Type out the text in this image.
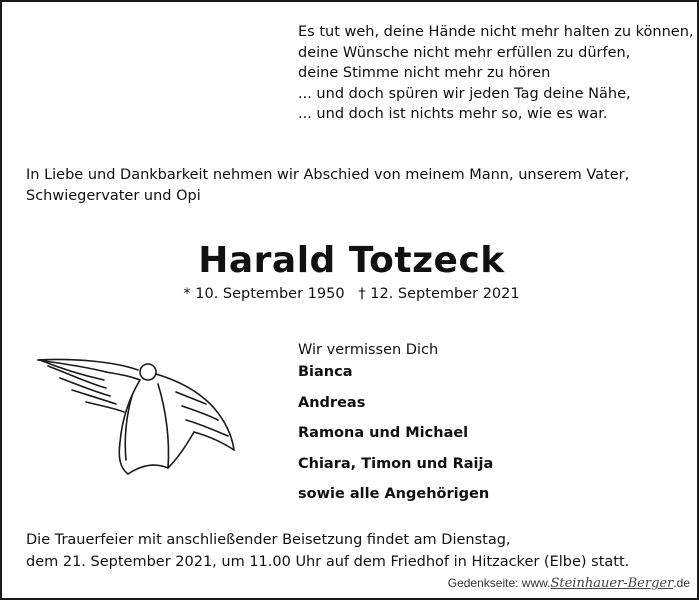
Es tut weh, deine Hände nicht mehr halten zu können,
deine Wünsche nicht mehr erfüllen zu dürfen,
deine Stimme nicht mehr zu hören
... und doch spüren wir jeden Tag deine Nähe,
... und doch ist nichts mehr so, wie es war.
In Liebe und Dankbarkeit nehmen wir Abschied von meinem Mann, unserem Vater,
Schwiegervater und Opi
Harald Totzeck
* 10. September 1950 † 12. September 2021
Wir vermissen Dich
Bianca
Andreas
Ramona und Michael
Chiara, Timon und Raija
sowie alle Angehörigen
Die Trauerfeier mit anschließender Beisetzung findet am Dienstag,
dem 21. September 2021, um 11.00 Uhr auf dem Friedhof in Hitzacker (Elbe) statt.
Gedenkseite: www.Steinhauer-Berger.de
